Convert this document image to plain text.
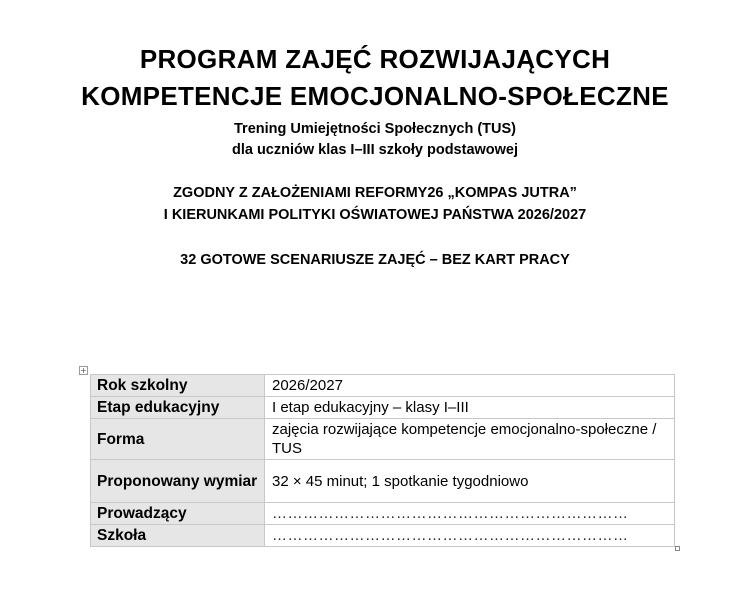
PROGRAM ZAJĘĆ ROZWIJAJĄCYCH
KOMPETENCJE EMOCJONALNO-SPOŁECZNE

Trening Umiejętności Społecznych (TUS)

dla uczniów klas I–III szkoły podstawowej

ZGODNY Z ZAŁOŻENIAMI REFORMY26 „KOMPAS JUTRA”

I KIERUNKAMI POLITYKI OŚWIATOWEJ PAŃSTWA 2026/2027

32 GOTOWE SCENARIUSZE ZAJĘĆ – BEZ KART PRACY

+
Rok szkolny	2026/2027
Etap edukacyjny	I etap edukacyjny – klasy I–III
Forma	zajęcia rozwijające kompetencje emocjonalno-społeczne / TUS
Proponowany wymiar	32 × 45 minut; 1 spotkanie tygodniowo
Prowadzący	……………………………………………………………
Szkoła	……………………………………………………………
